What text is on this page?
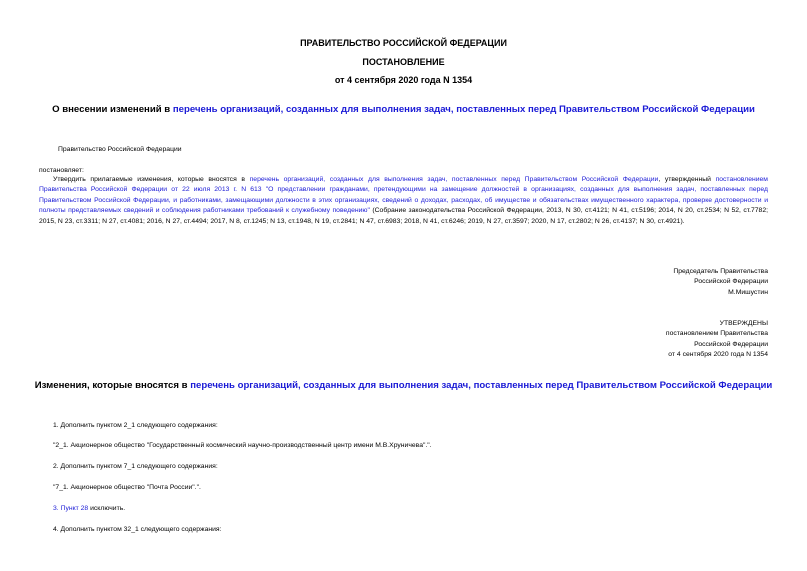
ПРАВИТЕЛЬСТВО РОССИЙСКОЙ ФЕДЕРАЦИИ
ПОСТАНОВЛЕНИЕ
от 4 сентября 2020 года N 1354
О внесении изменений в перечень организаций, созданных для выполнения задач, поставленных перед Правительством Российской Федерации
Правительство Российской Федерации
постановляет:
Утвердить прилагаемые изменения, которые вносятся в перечень организаций, созданных для выполнения задач, поставленных перед Правительством Российской Федерации, утвержденный постановлением Правительства Российской Федерации от 22 июля 2013 г. N 613 "О представлении гражданами, претендующими на замещение должностей в организациях, созданных для выполнения задач, поставленных перед Правительством Российской Федерации, и работниками, замещающими должности в этих организациях, сведений о доходах, расходах, об имуществе и обязательствах имущественного характера, проверке достоверности и полноты представляемых сведений и соблюдения работниками требований к служебному поведению" (Собрание законодательства Российской Федерации, 2013, N 30, ст.4121; N 41, ст.5196; 2014, N 20, ст.2534; N 52, ст.7782; 2015, N 23, ст.3311; N 27, ст.4081; 2016, N 27, ст.4494; 2017, N 8, ст.1245; N 13, ст.1948, N 19, ст.2841; N 47, ст.6983; 2018, N 41, ст.6246; 2019, N 27, ст.3597; 2020, N 17, ст.2802; N 26, ст.4137; N 30, ст.4921).
Председатель Правительства
Российской Федерации
М.Мишустин
УТВЕРЖДЕНЫ
постановлением Правительства
Российской Федерации
от 4 сентября 2020 года N 1354
Изменения, которые вносятся в перечень организаций, созданных для выполнения задач, поставленных перед Правительством Российской Федерации
1. Дополнить пунктом 2_1 следующего содержания:
"2_1. Акционерное общество "Государственный космический научно-производственный центр имени М.В.Хруничева".".
2. Дополнить пунктом 7_1 следующего содержания:
"7_1. Акционерное общество "Почта России".".
3. Пункт 28 исключить.
4. Дополнить пунктом 32_1 следующего содержания:
